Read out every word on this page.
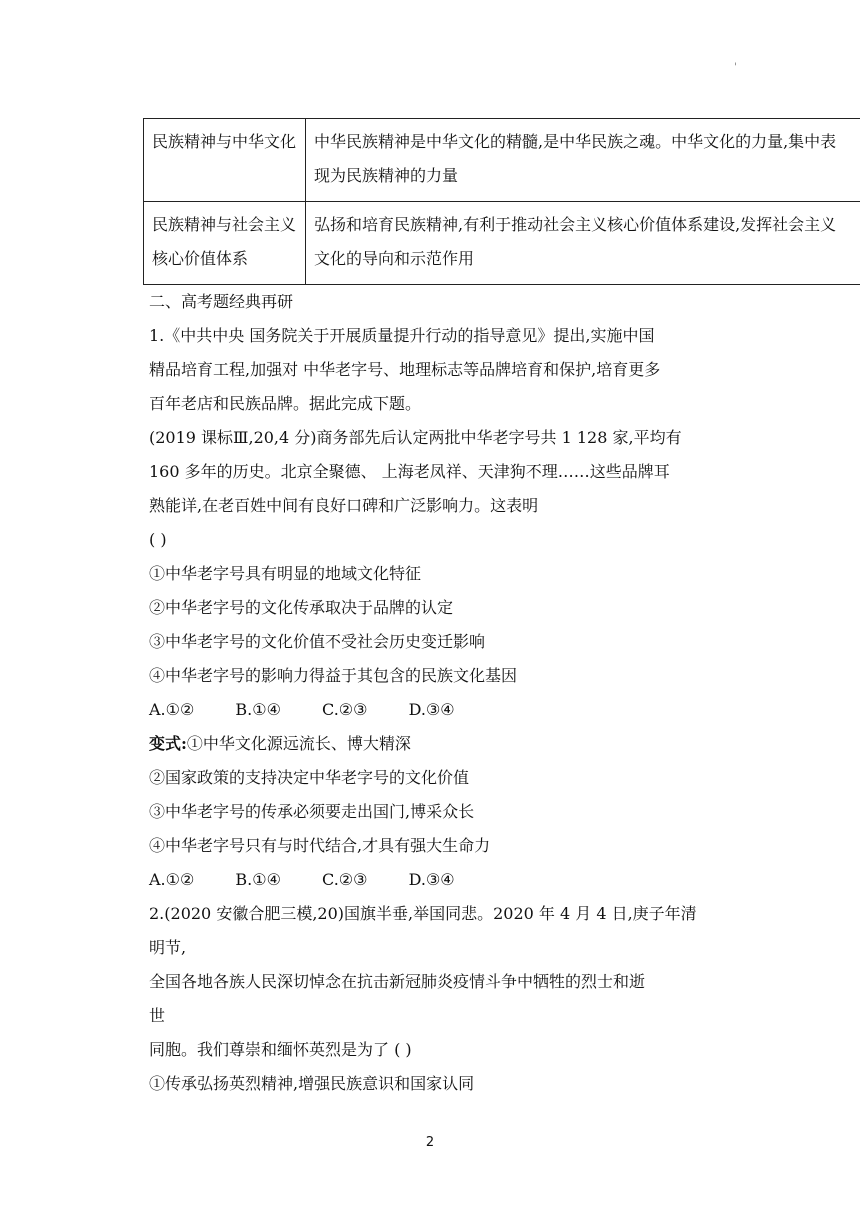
'
民族精神与中华文化	中华民族精神是中华文化的精髓,是中华民族之魂。中华文化的力量,集中表现为民族精神的力量
民族精神与社会主义核心价值体系	弘扬和培育民族精神,有利于推动社会主义核心价值体系建设,发挥社会主义文化的导向和示范作用
二、高考题经典再研
1.《中共中央 国务院关于开展质量提升行动的指导意见》提出,实施中国
精品培育工程,加强对 中华老字号、地理标志等品牌培育和保护,培育更多
百年老店和民族品牌。据此完成下题。
(2019 课标Ⅲ,20,4 分)商务部先后认定两批中华老字号共 1 128 家,平均有
160 多年的历史。北京全聚德、 上海老凤祥、天津狗不理……这些品牌耳
熟能详,在老百姓中间有良好口碑和广泛影响力。这表明
( )
①中华老字号具有明显的地域文化特征
②中华老字号的文化传承取决于品牌的认定
③中华老字号的文化价值不受社会历史变迁影响
④中华老字号的影响力得益于其包含的民族文化基因
A.①②	B.①④	C.②③	D.③④
变式:①中华文化源远流长、博大精深
②国家政策的支持决定中华老字号的文化价值
③中华老字号的传承必须要走出国门,博采众长
④中华老字号只有与时代结合,才具有强大生命力
A.①②	B.①④	C.②③	D.③④
2.(2020 安徽合肥三模,20)国旗半垂,举国同悲。2020 年 4 月 4 日,庚子年清
明节,
全国各地各族人民深切悼念在抗击新冠肺炎疫情斗争中牺牲的烈士和逝
世
同胞。我们尊崇和缅怀英烈是为了 ( )
①传承弘扬英烈精神,增强民族意识和国家认同
2
